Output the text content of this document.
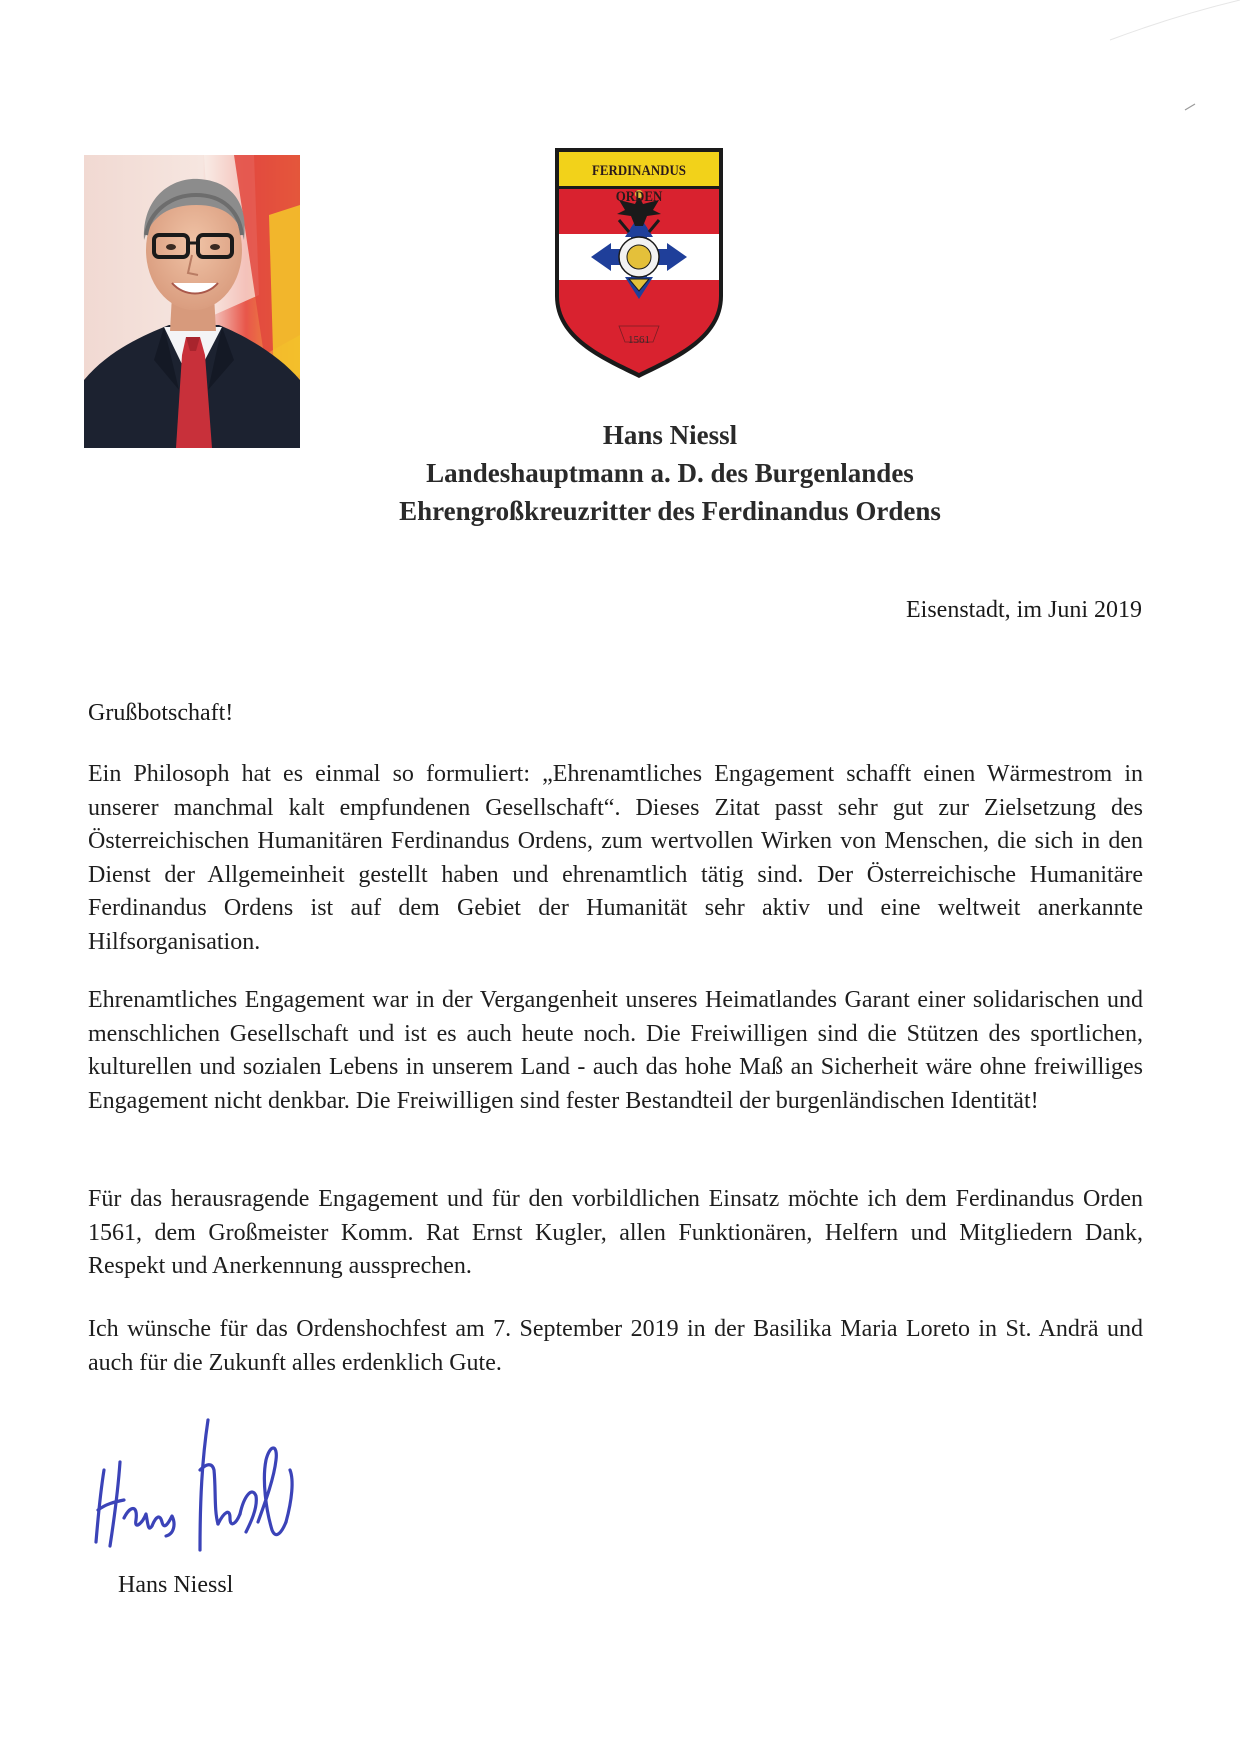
FERDINANDUS ORDEN
1561
Hans Niessl
Landeshauptmann a. D. des Burgenlandes
Ehrengroßkreuzritter des Ferdinandus Ordens
Eisenstadt, im Juni 2019
Grußbotschaft!
Ein Philosoph hat es einmal so formuliert: „Ehrenamtliches Engagement schafft einen Wärmestrom in unserer manchmal kalt empfundenen Gesellschaft“. Dieses Zitat passt sehr gut zur Zielsetzung des Österreichischen Humanitären Ferdinandus Ordens, zum wertvollen Wirken von Menschen, die sich in den Dienst der Allgemeinheit gestellt haben und ehrenamtlich tätig sind. Der Österreichische Humanitäre Ferdinandus Ordens ist auf dem Gebiet der Humanität sehr aktiv und eine weltweit anerkannte Hilfsorganisation.
Ehrenamtliches Engagement war in der Vergangenheit unseres Heimatlandes Garant einer solidarischen und menschlichen Gesellschaft und ist es auch heute noch. Die Freiwilligen sind die Stützen des sportlichen, kulturellen und sozialen Lebens in unserem Land - auch das hohe Maß an Sicherheit wäre ohne freiwilliges Engagement nicht denkbar. Die Freiwilligen sind fester Bestandteil der burgenländischen Identität!
Für das herausragende Engagement und für den vorbildlichen Einsatz möchte ich dem Ferdinandus Orden 1561, dem Großmeister Komm. Rat Ernst Kugler, allen Funktionären, Helfern und Mitgliedern Dank, Respekt und Anerkennung aussprechen.
Ich wünsche für das Ordenshochfest am 7. September 2019 in der Basilika Maria Loreto in St. Andrä und auch für die Zukunft alles erdenklich Gute.
Hans Niessl
